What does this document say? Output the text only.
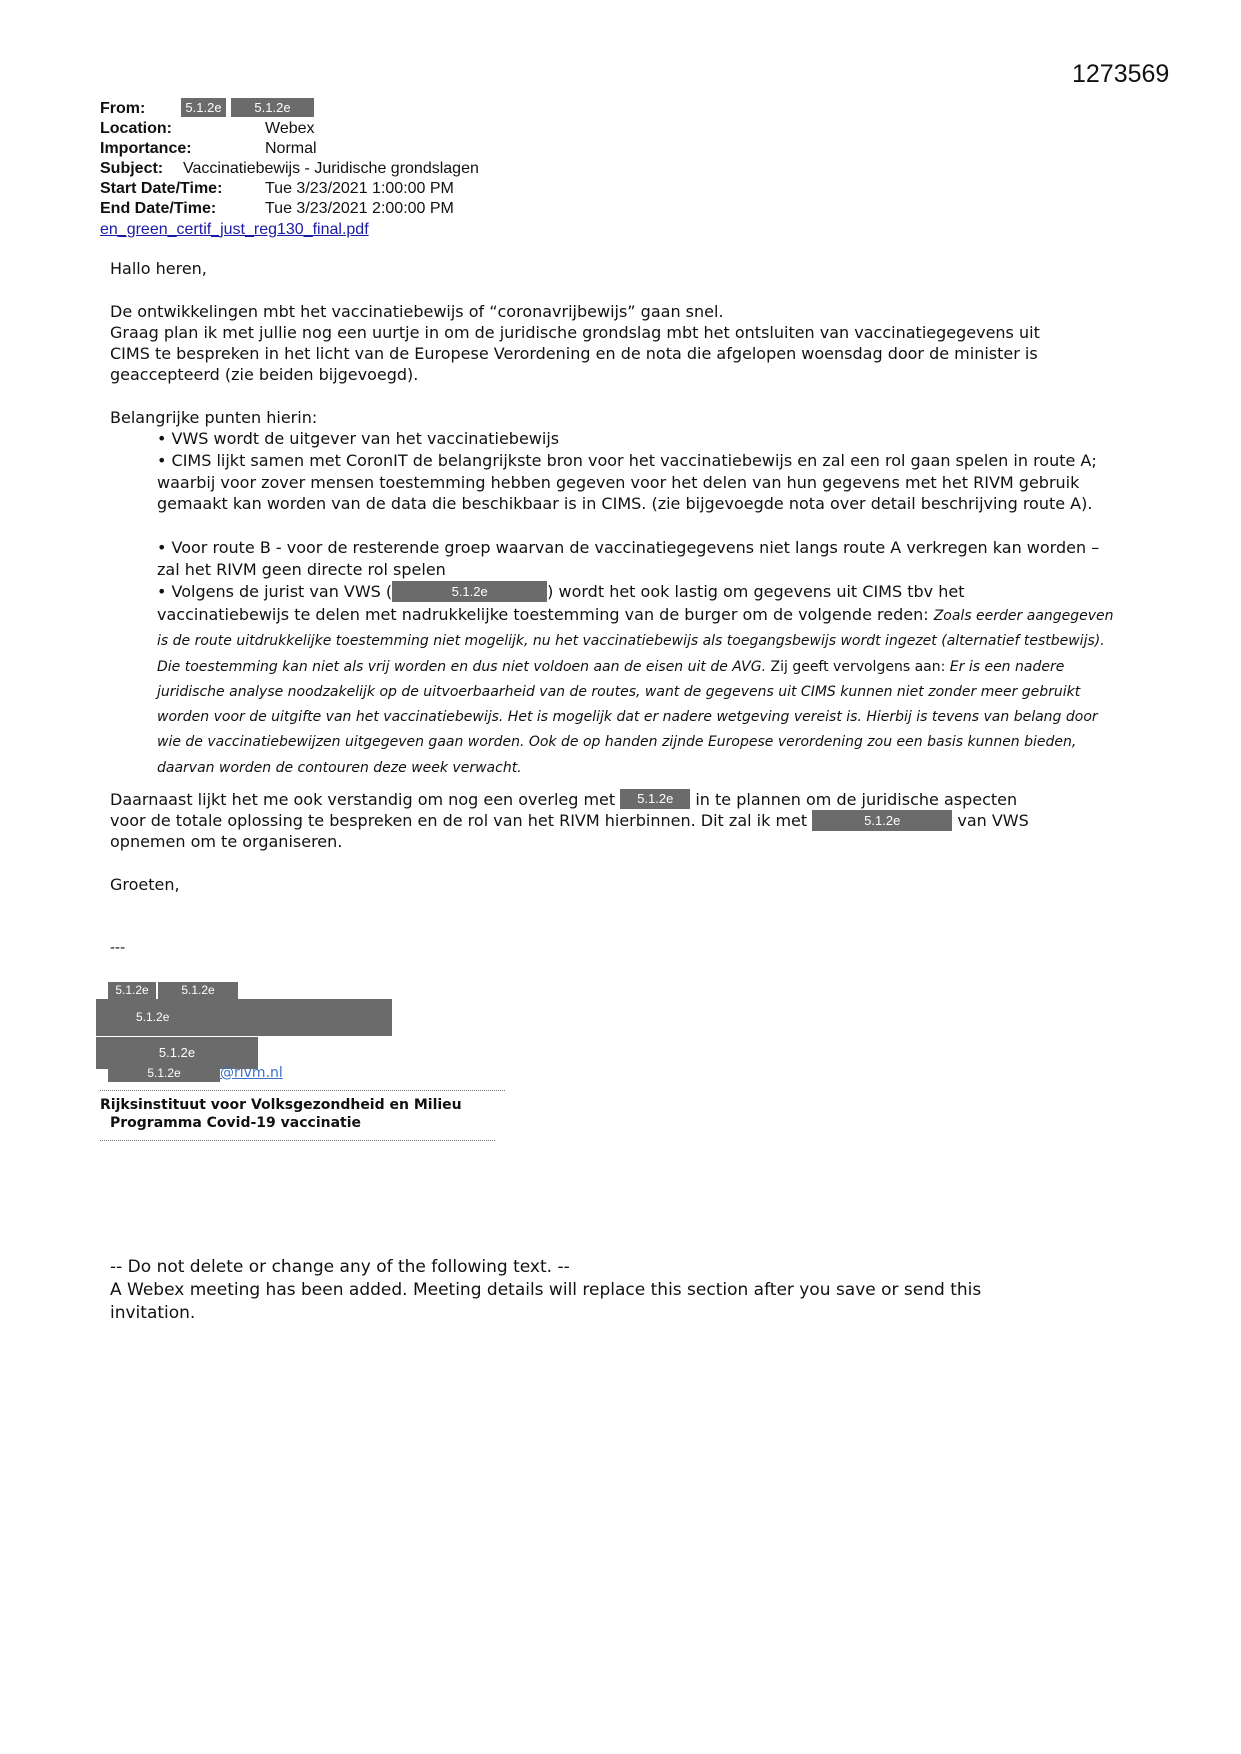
1273569
From:	5.1.2e	5.1.2e
Location:	Webex
Importance:	Normal
Subject: Vaccinatiebewijs - Juridische grondslagen
Start Date/Time:	Tue 3/23/2021 1:00:00 PM
End Date/Time:	Tue 3/23/2021 2:00:00 PM
en_green_certif_just_reg130_final.pdf
Hallo heren,
De ontwikkelingen mbt het vaccinatiebewijs of “coronavrijbewijs” gaan snel.
Graag plan ik met jullie nog een uurtje in om de juridische grondslag mbt het ontsluiten van vaccinatiegegevens uit
CIMS te bespreken in het licht van de Europese Verordening en de nota die afgelopen woensdag door de minister is
geaccepteerd (zie beiden bijgevoegd).
Belangrijke punten hierin:
• VWS wordt de uitgever van het vaccinatiebewijs
• CIMS lijkt samen met CoronIT de belangrijkste bron voor het vaccinatiebewijs en zal een rol gaan spelen in route A; waarbij voor zover mensen toestemming hebben gegeven voor het delen van hun gegevens met het RIVM gebruik gemaakt kan worden van de data die beschikbaar is in CIMS. (zie bijgevoegde nota over detail beschrijving route A).
• Voor route B - voor de resterende groep waarvan de vaccinatiegegevens niet langs route A verkregen kan worden – zal het RIVM geen directe rol spelen
• Volgens de jurist van VWS (	5.1.2e	) wordt het ook lastig om gegevens uit CIMS tbv het
vaccinatiebewijs te delen met nadrukkelijke toestemming van de burger om de volgende reden: Zoals eerder aangegeven is de route uitdrukkelijke toestemming niet mogelijk, nu het vaccinatiebewijs als toegangsbewijs wordt ingezet (alternatief testbewijs). Die toestemming kan niet als vrij worden en dus niet voldoen aan de eisen uit de AVG. Zij geeft vervolgens aan: Er is een nadere juridische analyse noodzakelijk op de uitvoerbaarheid van de routes, want de gegevens uit CIMS kunnen niet zonder meer gebruikt worden voor de uitgifte van het vaccinatiebewijs. Het is mogelijk dat er nadere wetgeving vereist is. Hierbij is tevens van belang door wie de vaccinatiebewijzen uitgegeven gaan worden. Ook de op handen zijnde Europese verordening zou een basis kunnen bieden, daarvan worden de contouren deze week verwacht.
Daarnaast lijkt het me ook verstandig om nog een overleg met 5.1.2e in te plannen om de juridische aspecten
voor de totale oplossing te bespreken en de rol van het RIVM hierbinnen. Dit zal ik met	5.1.2e	van VWS
opnemen om te organiseren.
Groeten,
---
5.1.2e	5.1.2e
5.1.2e
5.1.2e
5.1.2e	@rivm.nl
Rijksinstituut voor Volksgezondheid en Milieu
Programma Covid-19 vaccinatie
-- Do not delete or change any of the following text. --
A Webex meeting has been added. Meeting details will replace this section after you save or send this
invitation.
